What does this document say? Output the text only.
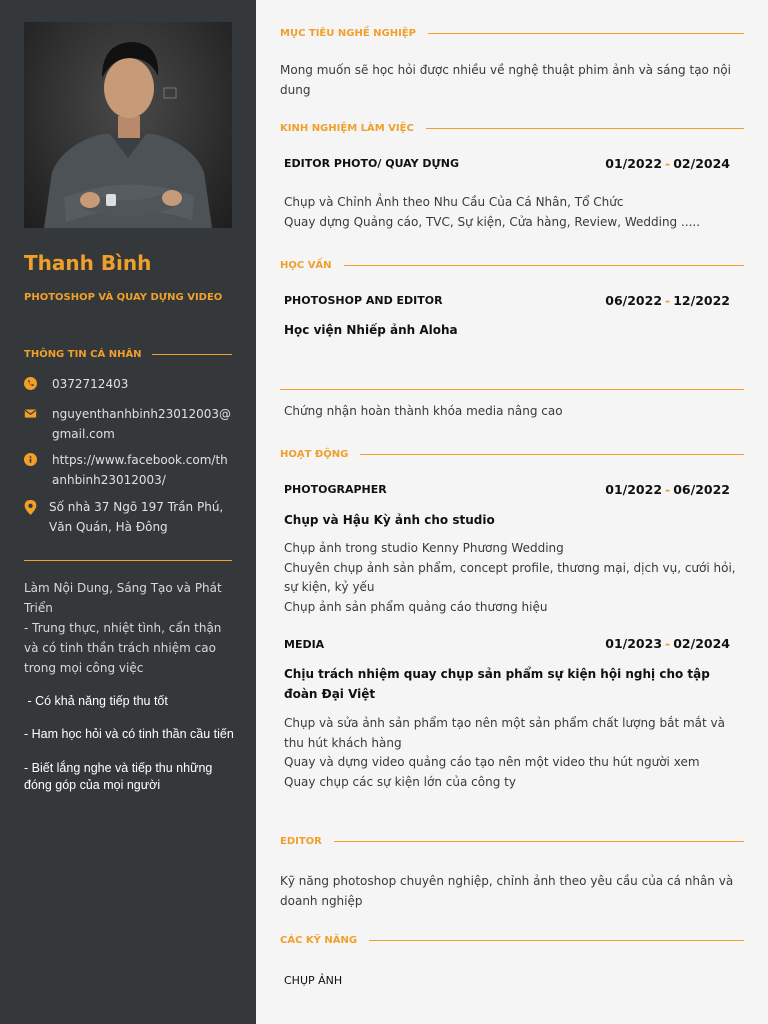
Thanh Bình
PHOTOSHOP VÀ QUAY DỰNG VIDEO
THÔNG TIN CÁ NHÂN
0372712403
nguyenthanhbinh23012003@gmail.com
https://www.facebook.com/thanhbinh23012003/
Số nhà 37 Ngõ 197 Trần Phú, Văn Quán, Hà Đông
Làm Nội Dung, Sáng Tạo và Phát Triển
- Trung thực, nhiệt tình, cẩn thận và có tinh thần trách nhiệm cao trong mọi công việc
- Có khả năng tiếp thu tốt
- Ham học hỏi và có tinh thần cầu tiến
- Biết lắng nghe và tiếp thu những đóng góp của mọi người
MỤC TIÊU NGHỀ NGHIỆP
Mong muốn sẽ học hỏi được nhiều về nghệ thuật phim ảnh và sáng tạo nội dung
KINH NGHIỆM LÀM VIỆC
EDITOR PHOTO/ QUAY DỰNG	01/2022 - 02/2024
Chụp và Chỉnh Ảnh theo Nhu Cầu Của Cá Nhân, Tổ Chức
Quay dựng Quảng cáo, TVC, Sự kiện, Cửa hàng, Review, Wedding .....
HỌC VẤN
PHOTOSHOP AND EDITOR	06/2022 - 12/2022
Học viện Nhiếp ảnh Aloha
Chứng nhận hoàn thành khóa media nâng cao
HOẠT ĐỘNG
PHOTOGRAPHER	01/2022 - 06/2022
Chụp và Hậu Kỳ ảnh cho studio
Chụp ảnh trong studio Kenny Phương Wedding
Chuyên chụp ảnh sản phẩm, concept profile, thương mại, dịch vụ, cưới hỏi, sự kiện, kỷ yếu
Chụp ảnh sản phẩm quảng cáo thương hiệu
MEDIA	01/2023 - 02/2024
Chịu trách nhiệm quay chụp sản phẩm sự kiện hội nghị cho tập đoàn Đại Việt
Chụp và sửa ảnh sản phẩm tạo nên một sản phẩm chất lượng bắt mắt và thu hút khách hàng
Quay và dựng video quảng cáo tạo nên một video thu hút người xem
Quay chụp các sự kiện lớn của công ty
EDITOR
Kỹ năng photoshop chuyên nghiệp, chỉnh ảnh theo yêu cầu của cá nhân và doanh nghiệp
CÁC KỸ NĂNG
CHỤP ẢNH
